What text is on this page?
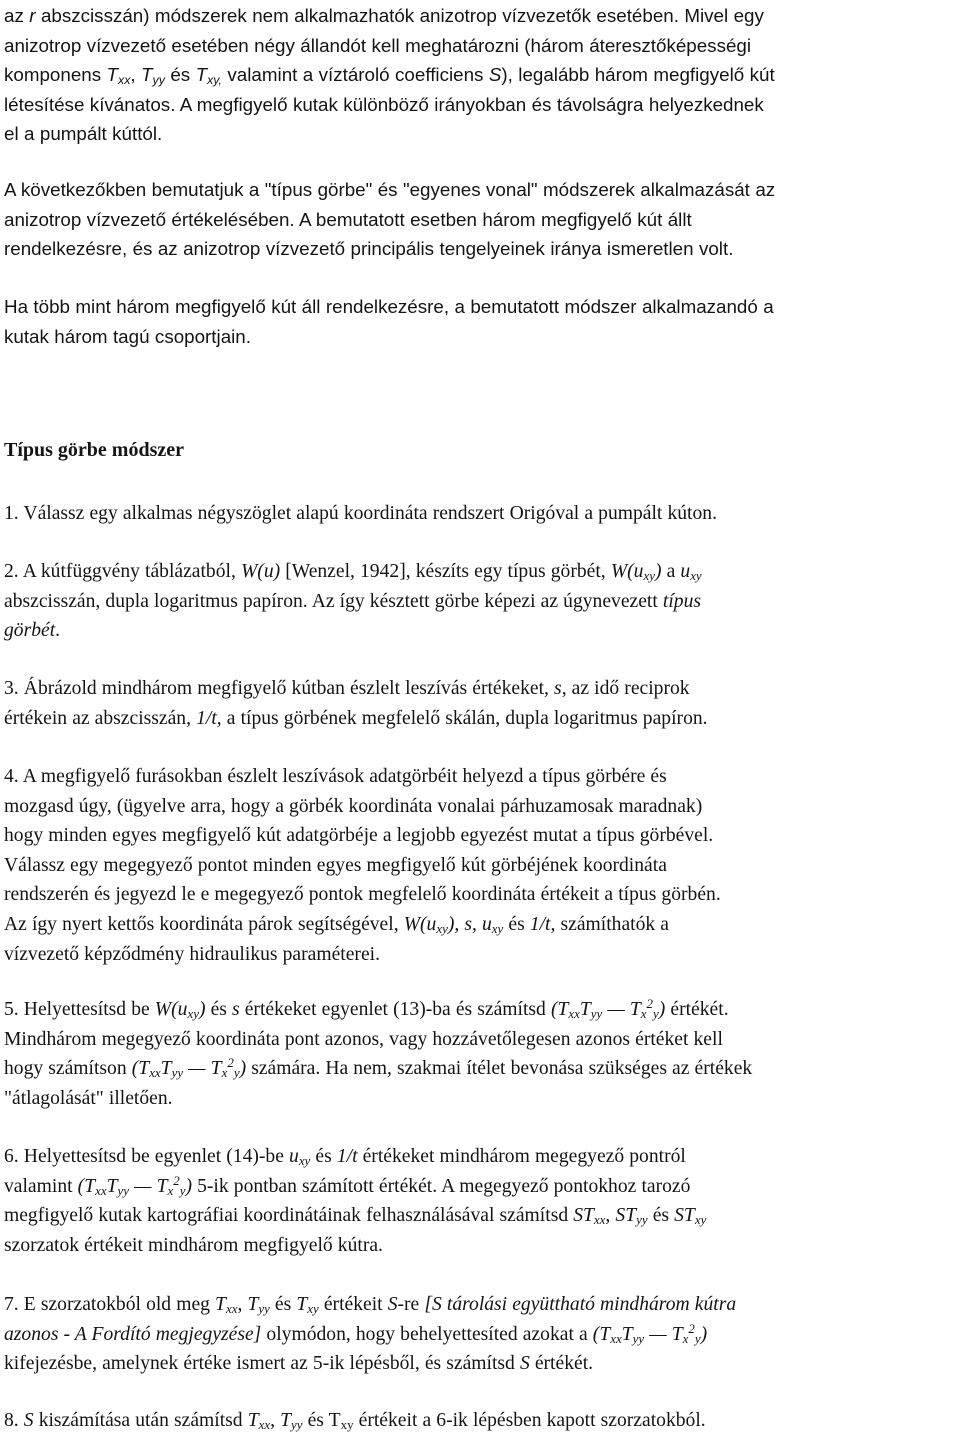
az r abszcisszán) módszerek nem alkalmazhatók anizotrop vízvezetők esetében. Mivel egy
anizotrop vízvezető esetében négy állandót kell meghatározni (három áteresztőképességi
komponens $T_{xx}$, $T_{yy}$ és $T_{xy,}$ valamint a víztároló coefficiens S), legalább három megfigyelő kút
létesítése kívánatos. A megfigyelő kutak különböző irányokban és távolságra helyezkednek
el a pumpált kúttól.
A következőkben bemutatjuk a "típus görbe" és "egyenes vonal" módszerek alkalmazását az
anizotrop vízvezető értékelésében. A bemutatott esetben három megfigyelő kút állt
rendelkezésre, és az anizotrop vízvezető principális tengelyeinek iránya ismeretlen volt.
Ha több mint három megfigyelő kút áll rendelkezésre, a bemutatott módszer alkalmazandó a
kutak három tagú csoportjain.
Típus görbe módszer
1. Válassz egy alkalmas négyszöglet alapú koordináta rendszert Origóval a pumpált kúton.
2. A kútfüggvény táblázatból, W(u) [Wenzel, 1942], készíts egy típus görbét, $W(u_{xy})$ a $u_{xy}$
abszcisszán, dupla logaritmus papíron. Az így késztett görbe képezi az úgynevezett típus
görbét.
3. Ábrázold mindhárom megfigyelő kútban észlelt leszívás értékeket, s, az idő reciprok
értékein az abszcisszán, 1/t, a típus görbének megfelelő skálán, dupla logaritmus papíron.
4. A megfigyelő furásokban észlelt leszívások adatgörbéit helyezd a típus görbére és
mozgasd úgy, (ügyelve arra, hogy a görbék koordináta vonalai párhuzamosak maradnak)
hogy minden egyes megfigyelő kút adatgörbéje a legjobb egyezést mutat a típus görbével.
Válassz egy megegyező pontot minden egyes megfigyelő kút görbéjének koordináta
rendszerén és jegyezd le e megegyező pontok megfelelő koordináta értékeit a típus görbén.
Az így nyert kettős koordináta párok segítségével, $W(u_{xy})$, s, $u_{xy}$ és 1/t, számíthatók a
vízvezető képződmény hidraulikus paraméterei.
5. Helyettesítsd be $W(u_{xy})$ és s értékeket egyenlet (13)-ba és számítsd ($T_{xx}T_{yy}$ — $T_x^2_y$) értékét.
Mindhárom megegyező koordináta pont azonos, vagy hozzávetőlegesen azonos értéket kell
hogy számítson ($T_{xx}T_{yy}$ — $T_x^2_y$) számára. Ha nem, szakmai ítélet bevonása szükséges az értékek
"átlagolását" illetően.
6. Helyettesítsd be egyenlet (14)-be $u_{xy}$ és 1/t értékeket mindhárom megegyező pontról
valamint ($T_{xx}T_{yy}$ — $T_x^2_y$) 5-ik pontban számított értékét. A megegyező pontokhoz tarozó
megfigyelő kutak kartográfiai koordinátáinak felhasználásával számítsd $ST_{xx}$, $ST_{yy}$ és $ST_{xy}$
szorzatok értékeit mindhárom megfigyelő kútra.
7. E szorzatokból old meg $T_{xx}$, $T_{yy}$ és $T_{xy}$ értékeit S-re [S tárolási együttható mindhárom kútra
azonos - A Fordító megjegyzése] olymódon, hogy behelyettesíted azokat a ($T_{xx}T_{yy}$ — $T_x^2_y$)
kifejezésbe, amelynek értéke ismert az 5-ik lépésből, és számítsd S értékét.
8. S kiszámítása után számítsd $T_{xx}$, $T_{yy}$ és $T_{xy}$ értékeit a 6-ik lépésben kapott szorzatokból.
